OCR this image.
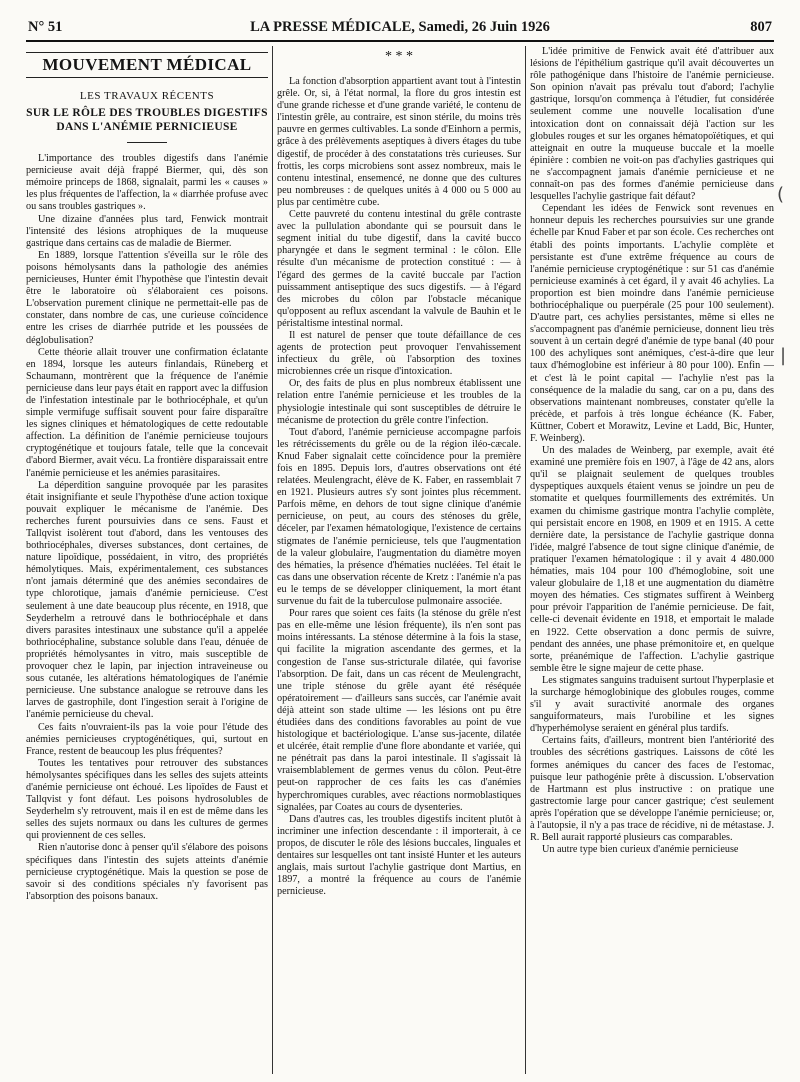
N° 51	LA PRESSE MÉDICALE, Samedi, 26 Juin 1926	807
MOUVEMENT MÉDICAL
LES TRAVAUX RÉCENTS
SUR LE RÔLE DES TROUBLES DIGESTIFS
DANS L'ANÉMIE PERNICIEUSE

L'importance des troubles digestifs dans l'anémie pernicieuse avait déjà frappé Biermer, qui, dès son mémoire princeps de 1868, signalait, parmi les « causes » les plus fréquentes de l'affection, la « diarrhée profuse avec ou sans troubles gastriques ».

Une dizaine d'années plus tard, Fenwick montrait l'intensité des lésions atrophiques de la muqueuse gastrique dans certains cas de maladie de Biermer.

En 1889, lorsque l'attention s'éveilla sur le rôle des poisons hémolysants dans la pathologie des anémies pernicieuses, Hunter émit l'hypothèse que l'intestin devait être le laboratoire où s'élaboraient ces poisons. L'observation purement clinique ne permettait-elle pas de constater, dans nombre de cas, une curieuse coïncidence entre les crises de diarrhée putride et les poussées de déglobulisation?

Cette théorie allait trouver une confirmation éclatante en 1894, lorsque les auteurs finlandais, Rüneberg et Schaumann, montrèrent que la fréquence de l'anémie pernicieuse dans leur pays était en rapport avec la diffusion de l'infestation intestinale par le bothriocéphale, et qu'un simple vermifuge suffisait souvent pour faire disparaître les signes cliniques et hématologiques de cette redoutable affection. La définition de l'anémie pernicieuse toujours cryptogénétique et toujours fatale, telle que la concevait d'abord Biermer, avait vécu. La frontière disparaissait entre l'anémie pernicieuse et les anémies parasitaires.

La déperdition sanguine provoquée par les parasites était insignifiante et seule l'hypothèse d'une action toxique pouvait expliquer le mécanisme de l'anémie. Des recherches furent poursuivies dans ce sens. Faust et Tallqvist isolèrent tout d'abord, dans les ventouses des bothriocéphales, diverses substances, dont certaines, de nature lipoïdique, possédaient, in vitro, des propriétés hémolytiques. Mais, expérimentalement, ces substances n'ont jamais déterminé que des anémies secondaires de type chlorotique, jamais d'anémie pernicieuse. C'est seulement à une date beaucoup plus récente, en 1918, que Seyderhelm a retrouvé dans le bothriocéphale et dans divers parasites intestinaux une substance qu'il a appelée bothriocéphaline, substance soluble dans l'eau, dénuée de propriétés hémolysantes in vitro, mais susceptible de provoquer chez le lapin, par injection intraveineuse ou sous cutanée, les altérations hématologiques de l'anémie pernicieuse. Une substance analogue se retrouve dans les larves de gastrophile, dont l'ingestion serait à l'origine de l'anémie pernicieuse du cheval.

Ces faits n'ouvraient-ils pas la voie pour l'étude des anémies pernicieuses cryptogénétiques, qui, surtout en France, restent de beaucoup les plus fréquentes?

Toutes les tentatives pour retrouver des substances hémolysantes spécifiques dans les selles des sujets atteints d'anémie pernicieuse ont échoué. Les lipoïdes de Faust et Tallqvist y font défaut. Les poisons hydrosolubles de Seyderhelm s'y retrouvent, mais il en est de même dans les selles des sujets normaux ou dans les cultures de germes qui proviennent de ces selles.

Rien n'autorise donc à penser qu'il s'élabore des poisons spécifiques dans l'intestin des sujets atteints d'anémie pernicieuse cryptogénétique. Mais la question se pose de savoir si des conditions spéciales n'y favorisent pas l'absorption des poisons banaux.

* * *

La fonction d'absorption appartient avant tout à l'intestin grêle. Or, si, à l'état normal, la flore du gros intestin est d'une grande richesse et d'une grande variété, le contenu de l'intestin grêle, au contraire, est sinon stérile, du moins très pauvre en germes cultivables. La sonde d'Einhorn a permis, grâce à des prélèvements aseptiques à divers étages du tube digestif, de procéder à des constatations très curieuses. Sur frottis, les corps microbiens sont assez nombreux, mais le contenu intestinal, ensemencé, ne donne que des cultures peu nombreuses : de quelques unités à 4 000 ou 5 000 au plus par centimètre cube.

Cette pauvreté du contenu intestinal du grêle contraste avec la pullulation abondante qui se poursuit dans le segment initial du tube digestif, dans la cavité bucco pharyngée et dans le segment terminal : le côlon. Elle résulte d'un mécanisme de protection constitué : — à l'égard des germes de la cavité buccale par l'action puissamment antiseptique des sucs digestifs. — à l'égard des microbes du côlon par l'obstacle mécanique qu'opposent au reflux ascendant la valvule de Bauhin et le péristaltisme intestinal normal.

Il est naturel de penser que toute défaillance de ces agents de protection peut provoquer l'envahissement infectieux du grêle, où l'absorption des toxines microbiennes crée un risque d'intoxication.

Or, des faits de plus en plus nombreux établissent une relation entre l'anémie pernicieuse et les troubles de la physiologie intestinale qui sont susceptibles de détruire le mécanisme de protection du grêle contre l'infection.

Tout d'abord, l'anémie pernicieuse accompagne parfois les rétrécissements du grêle ou de la région iléo-cæcale. Knud Faber signalait cette coïncidence pour la première fois en 1895. Depuis lors, d'autres observations ont été relatées. Meulengracht, élève de K. Faber, en rassemblait 7 en 1921. Plusieurs autres s'y sont jointes plus récemment. Parfois même, en dehors de tout signe clinique d'anémie pernicieuse, on peut, au cours des sténoses du grêle, déceler, par l'examen hématologique, l'existence de certains stigmates de l'anémie pernicieuse, tels que l'augmentation de la valeur globulaire, l'augmentation du diamètre moyen des hématies, la présence d'hématies nucléées. Tel était le cas dans une observation récente de Kretz : l'anémie n'a pas eu le temps de se développer cliniquement, la mort étant survenue du fait de la tuberculose pulmonaire associée.

Pour rares que soient ces faits (la sténose du grêle n'est pas en elle-même une lésion fréquente), ils n'en sont pas moins intéressants. La sténose détermine à la fois la stase, qui facilite la migration ascendante des germes, et la congestion de l'anse sus-stricturale dilatée, qui favorise l'absorption. De fait, dans un cas récent de Meulengracht, une triple sténose du grêle ayant été réséquée opératoirement — d'ailleurs sans succès, car l'anémie avait déjà atteint son stade ultime — les lésions ont pu être étudiées dans des conditions favorables au point de vue histologique et bactériologique. L'anse sus-jacente, dilatée et ulcérée, était remplie d'une flore abondante et variée, qui ne pénétrait pas dans la paroi intestinale. Il s'agissait là vraisemblablement de germes venus du côlon. Peut-être peut-on rapprocher de ces faits les cas d'anémies hyperchromiques curables, avec réactions normoblastiques signalées, par Coates au cours de dysenteries.

Dans d'autres cas, les troubles digestifs incitent plutôt à incriminer une infection descendante : il importerait, à ce propos, de discuter le rôle des lésions buccales, linguales et dentaires sur lesquelles ont tant insisté Hunter et les auteurs anglais, mais surtout l'achylie gastrique dont Martius, en 1897, a montré la fréquence au cours de l'anémie pernicieuse.

L'idée primitive de Fenwick avait été d'attribuer aux lésions de l'épithélium gastrique qu'il avait découvertes un rôle pathogénique dans l'histoire de l'anémie pernicieuse. Son opinion n'avait pas prévalu tout d'abord; l'achylie gastrique, lorsqu'on commença à l'étudier, fut considérée seulement comme une nouvelle localisation d'une intoxication dont on connaissait déjà l'action sur les globules rouges et sur les organes hématopoïétiques, et qui atteignait en outre la muqueuse buccale et la moelle épinière : combien ne voit-on pas d'achylies gastriques qui ne s'accompagnent jamais d'anémie pernicieuse et ne connaît-on pas des formes d'anémie pernicieuse dans lesquelles l'achylie gastrique fait défaut?

Cependant les idées de Fenwick sont revenues en honneur depuis les recherches poursuivies sur une grande échelle par Knud Faber et par son école. Ces recherches ont établi des points importants. L'achylie complète et persistante est d'une extrême fréquence au cours de l'anémie pernicieuse cryptogénétique : sur 51 cas d'anémie pernicieuse examinés à cet égard, il y avait 46 achylies. La proportion est bien moindre dans l'anémie pernicieuse bothriocéphalique ou puerpérale (25 pour 100 seulement). D'autre part, ces achylies persistantes, même si elles ne s'accompagnent pas d'anémie pernicieuse, donnent lieu très souvent à un certain degré d'anémie de type banal (40 pour 100 des achyliques sont anémiques, c'est-à-dire que leur taux d'hémoglobine est inférieur à 80 pour 100). Enfin — et c'est là le point capital — l'achylie n'est pas la conséquence de la maladie du sang, car on a pu, dans des observations maintenant nombreuses, constater qu'elle la précède, et parfois à très longue échéance (K. Faber, Küttner, Cobert et Morawitz, Levine et Ladd, Bic, Hunter, F. Weinberg).

Un des malades de Weinberg, par exemple, avait été examiné une première fois en 1907, à l'âge de 42 ans, alors qu'il se plaignait seulement de quelques troubles dyspeptiques auxquels étaient venus se joindre un peu de stomatite et quelques fourmillements des extrémités. Un examen du chimisme gastrique montra l'achylie complète, qui persistait encore en 1908, en 1909 et en 1915. A cette dernière date, la persistance de l'achylie gastrique donna l'idée, malgré l'absence de tout signe clinique d'anémie, de pratiquer l'examen hématologique : il y avait 4 480.000 hématies, mais 104 pour 100 d'hémoglobine, soit une valeur globulaire de 1,18 et une augmentation du diamètre moyen des hématies. Ces stigmates suffirent à Weinberg pour prévoir l'apparition de l'anémie pernicieuse. De fait, celle-ci devenait évidente en 1918, et emportait le malade en 1922. Cette observation a donc permis de suivre, pendant des années, une phase prémonitoire et, en quelque sorte, préanémique de l'affection. L'achylie gastrique semble être le signe majeur de cette phase.

Les stigmates sanguins traduisent surtout l'hyperplasie et la surcharge hémoglobinique des globules rouges, comme s'il y avait suractivité anormale des organes sanguiformateurs, mais l'urobiline et les signes d'hyperhémolyse seraient en général plus tardifs.

Certains faits, d'ailleurs, montrent bien l'antériorité des troubles des sécrétions gastriques. Laissons de côté les formes anémiques du cancer des faces de l'estomac, puisque leur pathogénie prête à discussion. L'observation de Hartmann est plus instructive : on pratique une gastrectomie large pour cancer gastrique; c'est seulement après l'opération que se développe l'anémie pernicieuse; or, à l'autopsie, il n'y a pas trace de récidive, ni de métastase. J. R. Bell aurait rapporté plusieurs cas comparables.

Un autre type bien curieux d'anémie pernicieuse

(
|
